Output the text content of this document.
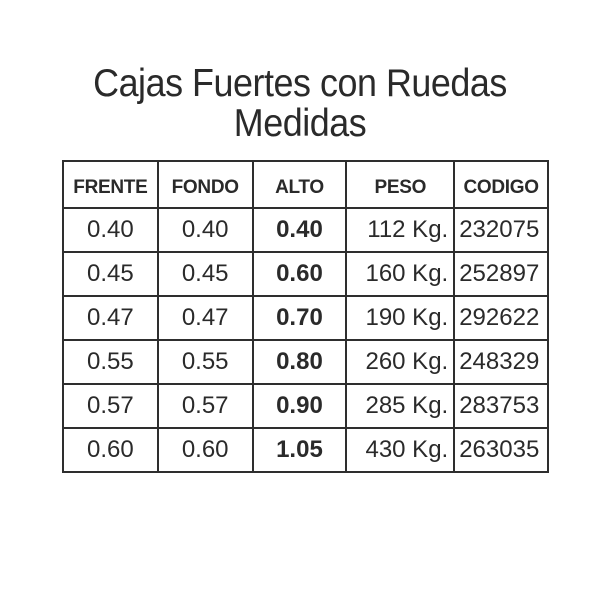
Cajas Fuertes con Ruedas
Medidas
FRENTE	FONDO	ALTO	PESO	CODIGO
0.40	0.40	0.40	112 Kg.	232075
0.45	0.45	0.60	160 Kg.	252897
0.47	0.47	0.70	190 Kg.	292622
0.55	0.55	0.80	260 Kg.	248329
0.57	0.57	0.90	285 Kg.	283753
0.60	0.60	1.05	430 Kg.	263035
